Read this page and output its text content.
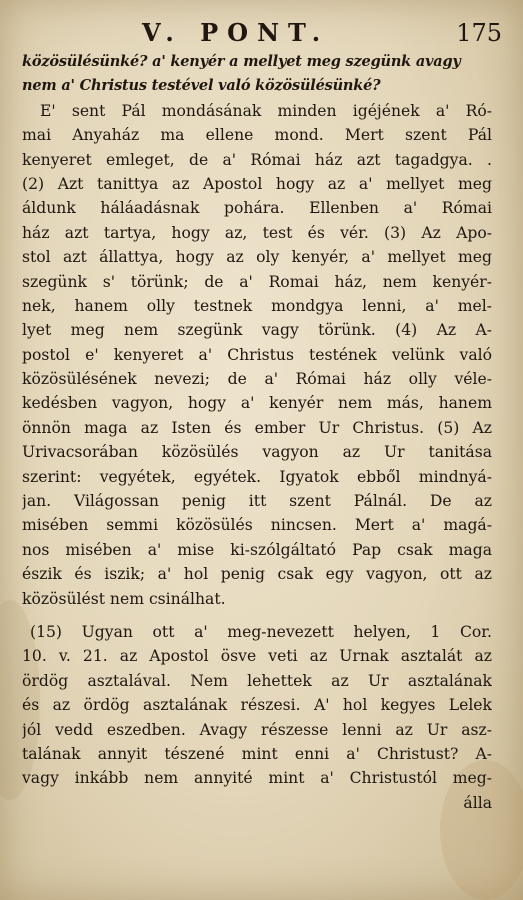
V. PONT.	175
közösülésünké? a' kenyér a mellyet meg szegünk avagy
nem a' Christus testével való közösülésünké?
E' sent Pál mondásának minden igéjének a' Ró-
mai Anyaház ma ellene mond. Mert szent Pál
kenyeret emleget, de a' Római ház azt tagadgya. .
(2) Azt tanittya az Apostol hogy az a' mellyet meg
áldunk háláadásnak pohára. Ellenben a' Római
ház azt tartya, hogy az, test és vér. (3) Az Apo-
stol azt állattya, hogy az oly kenyér, a' mellyet meg
szegünk s' törünk; de a' Romai ház, nem kenyér-
nek, hanem olly testnek mondgya lenni, a' mel-
lyet meg nem szegünk vagy törünk. (4) Az A-
postol e' kenyeret a' Christus testének velünk való
közösülésének nevezi; de a' Római ház olly véle-
kedésben vagyon, hogy a' kenyér nem más, hanem
önnön maga az Isten és ember Ur Christus. (5) Az
Urivacsorában közösülés vagyon az Ur tanitása
szerint: vegyétek, egyétek. Igyatok ebből mindnyá-
jan. Világossan penig itt szent Pálnál. De az
misében semmi közösülés nincsen. Mert a' magá-
nos misében a' mise ki-szólgáltató Pap csak maga
észik és iszik; a' hol penig csak egy vagyon, ott az
közösülést nem csinálhat.
(15) Ugyan ott a' meg-nevezett helyen, 1 Cor.
10. v. 21. az Apostol ösve veti az Urnak asztalát az
ördög asztalával. Nem lehettek az Ur asztalának
és az ördög asztalának részesi. A' hol kegyes Lelek
jól vedd eszedben. Avagy részesse lenni az Ur asz-
talának annyit tészené mint enni a' Christust? A-
vagy inkább nem annyité mint a' Christustól meg-
álla
